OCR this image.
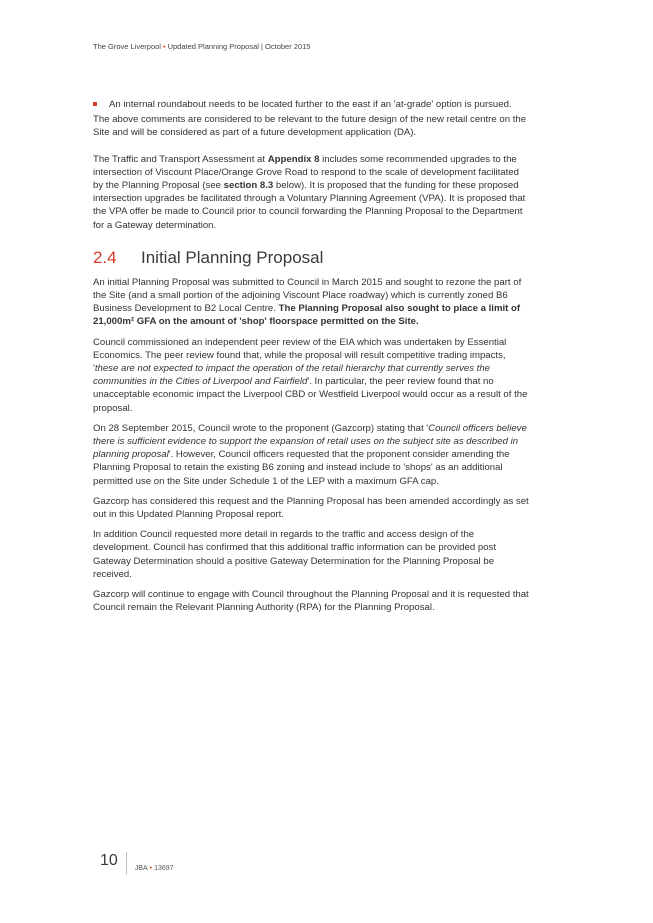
The Grove Liverpool • Updated Planning Proposal | October 2015
An internal roundabout needs to be located further to the east if an 'at-grade' option is pursued.

The above comments are considered to be relevant to the future design of the new retail centre on the Site and will be considered as part of a future development application (DA).

The Traffic and Transport Assessment at Appendix 8 includes some recommended upgrades to the intersection of Viscount Place/Orange Grove Road to respond to the scale of development facilitated by the Planning Proposal (see section 8.3 below). It is proposed that the funding for these proposed intersection upgrades be facilitated through a Voluntary Planning Agreement (VPA). It is proposed that the VPA offer be made to Council prior to council forwarding the Planning Proposal to the Department for a Gateway determination.

2.4	Initial Planning Proposal

An initial Planning Proposal was submitted to Council in March 2015 and sought to rezone the part of the Site (and a small portion of the adjoining Viscount Place roadway) which is currently zoned B6 Business Development to B2 Local Centre. The Planning Proposal also sought to place a limit of 21,000m² GFA on the amount of 'shop' floorspace permitted on the Site.

Council commissioned an independent peer review of the EIA which was undertaken by Essential Economics. The peer review found that, while the proposal will result competitive trading impacts, 'these are not expected to impact the operation of the retail hierarchy that currently serves the communities in the Cities of Liverpool and Fairfield'. In particular, the peer review found that no unacceptable economic impact the Liverpool CBD or Westfield Liverpool would occur as a result of the proposal.

On 28 September 2015, Council wrote to the proponent (Gazcorp) stating that 'Council officers believe there is sufficient evidence to support the expansion of retail uses on the subject site as described in planning proposal'. However, Council officers requested that the proponent consider amending the Planning Proposal to retain the existing B6 zoning and instead include to 'shops' as an additional permitted use on the Site under Schedule 1 of the LEP with a maximum GFA cap.

Gazcorp has considered this request and the Planning Proposal has been amended accordingly as set out in this Updated Planning Proposal report.

In addition Council requested more detail in regards to the traffic and access design of the development. Council has confirmed that this additional traffic information can be provided post Gateway Determination should a positive Gateway Determination for the Planning Proposal be received.

Gazcorp will continue to engage with Council throughout the Planning Proposal and it is requested that Council remain the Relevant Planning Authority (RPA) for the Planning Proposal.

10	JBA • 13697
